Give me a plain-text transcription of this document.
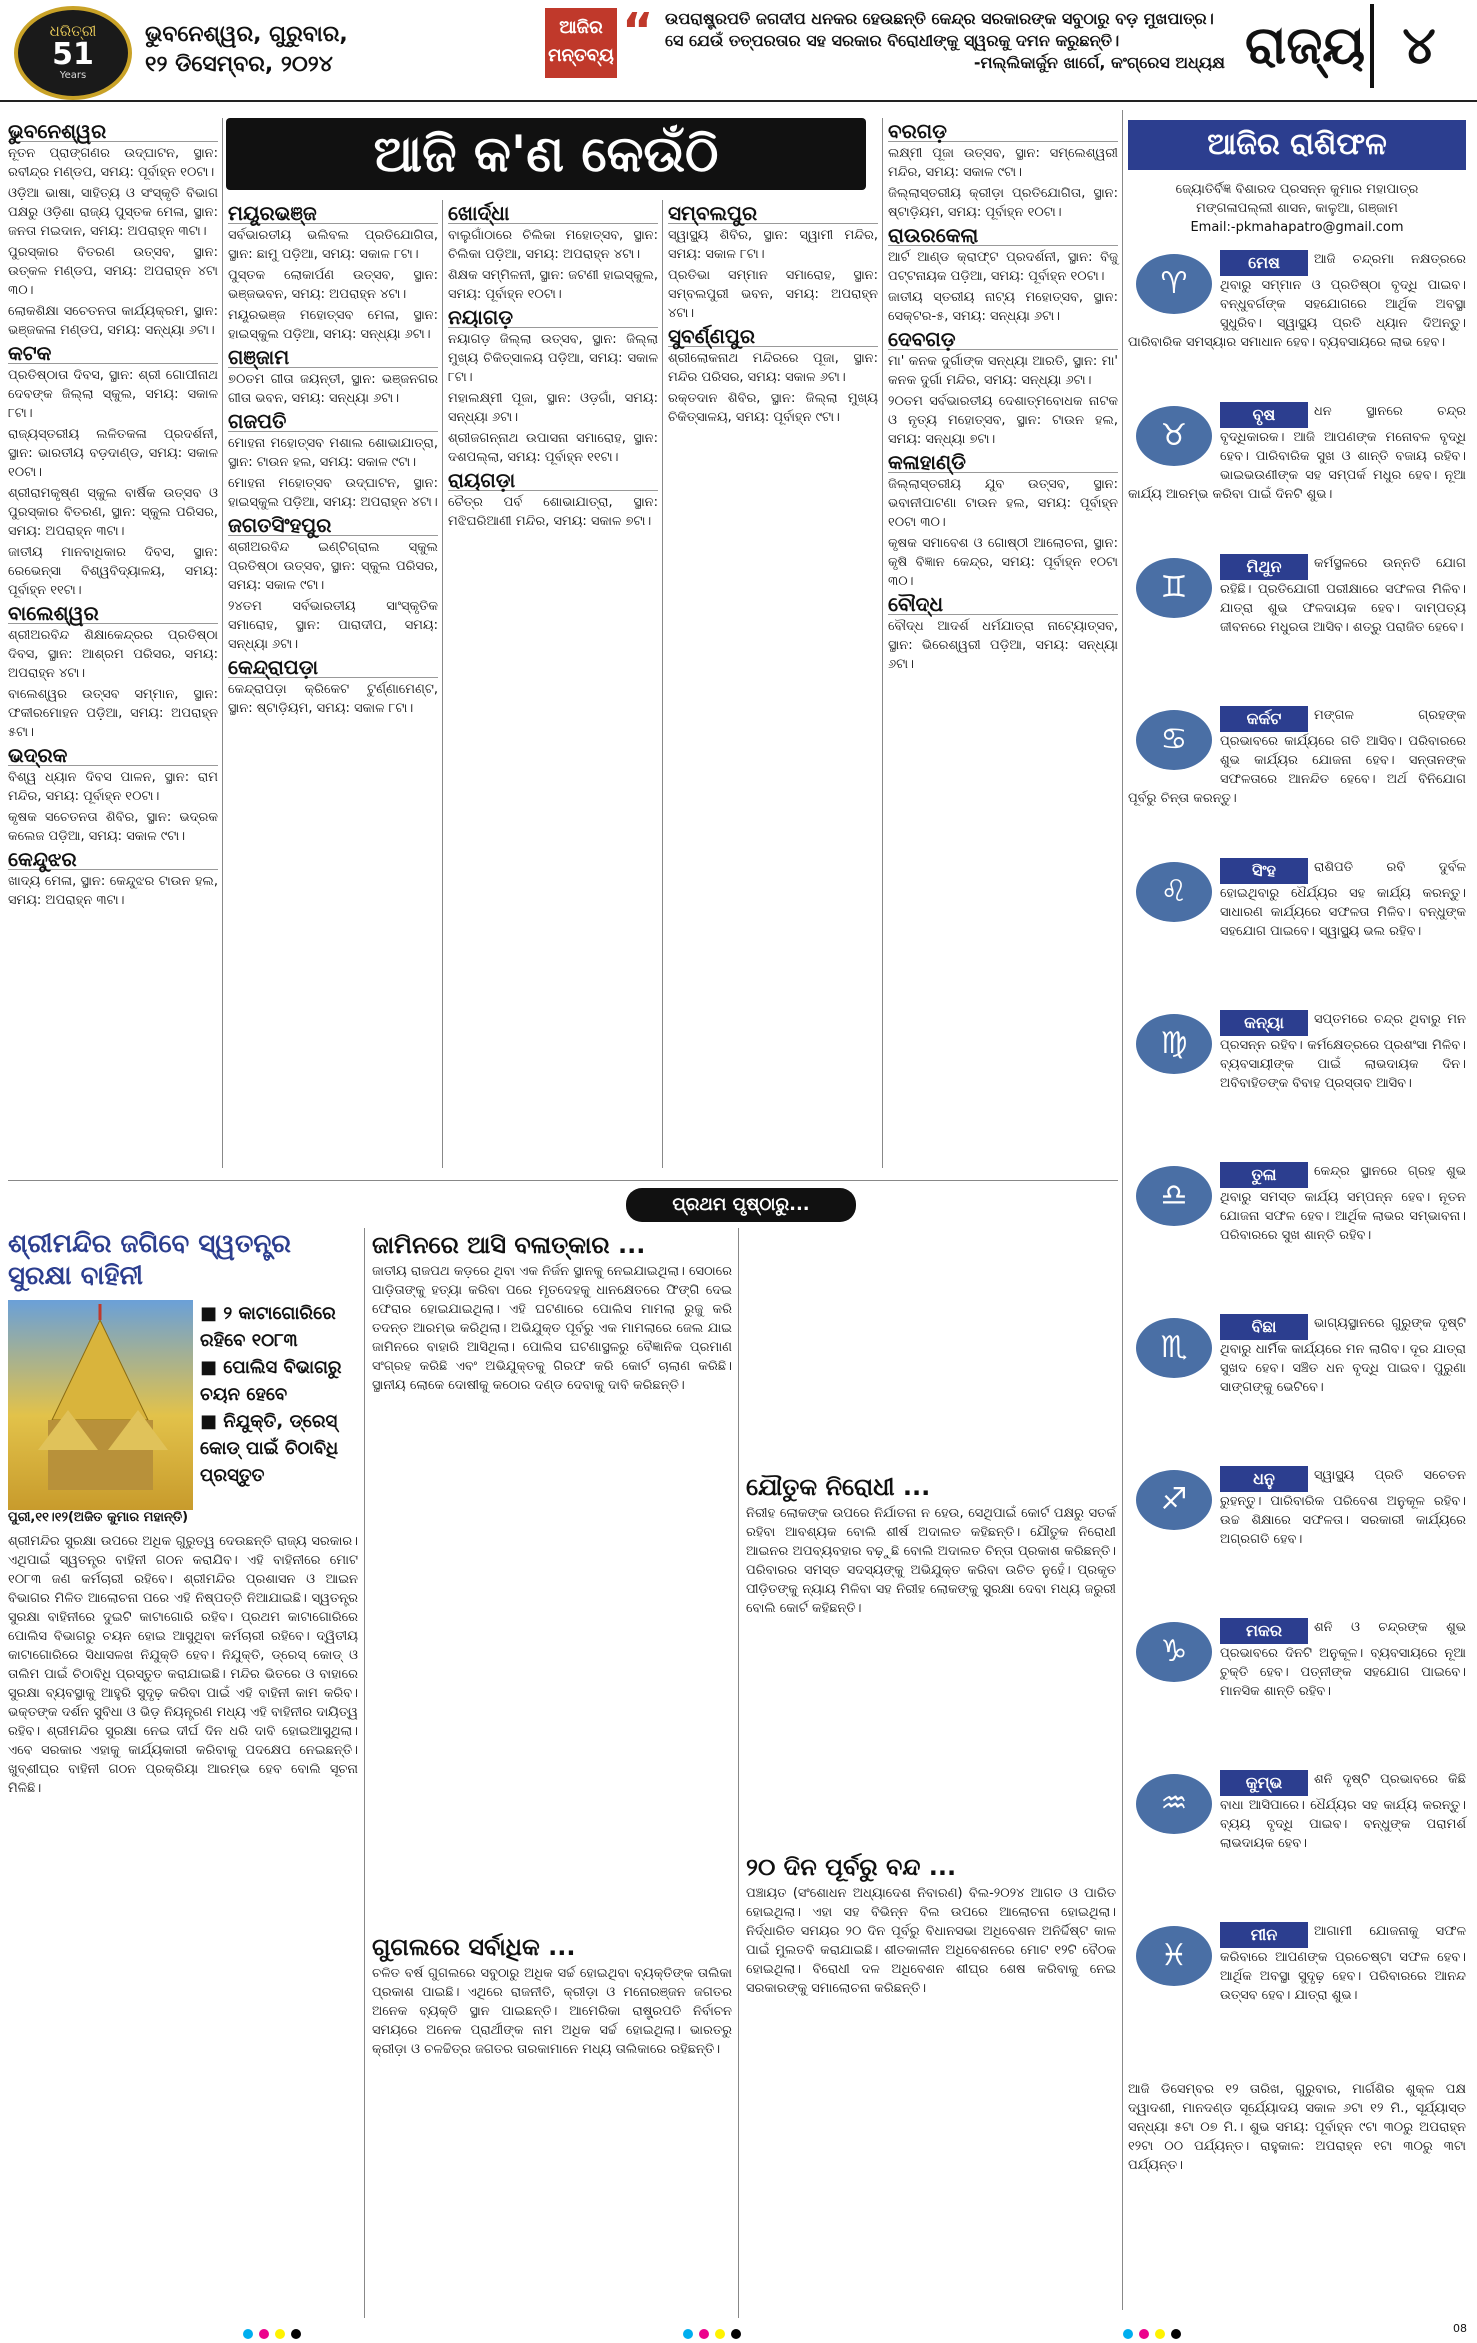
ଧରିତ୍ରୀ
51
Years
ଭୁବନେଶ୍ୱର, ଗୁରୁବାର,
୧୨ ଡିସେମ୍ବର, ୨୦୨୪
ଆଜିର ମନ୍ତବ୍ୟ “ ଉପରାଷ୍ଟ୍ରପତି ଜଗଦୀପ ଧନକର ହେଉଛନ୍ତି କେନ୍ଦ୍ର ସରକାରଙ୍କ ସବୁଠାରୁ ବଡ଼ ମୁଖପାତ୍ର। ସେ ଯେଉଁ ତତ୍ପରତାର ସହ ସରକାର ବିରୋଧୀଙ୍କୁ ସ୍ୱରକୁ ଦମନ କରୁଛନ୍ତି।
-ମଲ୍ଲିକାର୍ଜୁନ ଖାର୍ଗେ, କଂଗ୍ରେସ ଅଧ୍ୟକ୍ଷ ରାଜ୍ୟ ୪
ଆଜି କ'ଣ କେଉଁଠି
ଭୁବନେଶ୍ୱର
ନୂତନ ପ୍ରାଙ୍ଗଣର ଉଦ୍‌ଘାଟନ, ସ୍ଥାନ: ରବୀନ୍ଦ୍ର ମଣ୍ଡପ, ସମୟ: ପୂର୍ବାହ୍ନ ୧୦ଟା।
ଓଡ଼ିଆ ଭାଷା, ସାହିତ୍ୟ ଓ ସଂସ୍କୃତି ବିଭାଗ ପକ୍ଷରୁ ଓଡ଼ିଶା ରାଜ୍ୟ ପୁସ୍ତକ ମେଳା, ସ୍ଥାନ: ଜନତା ମଇଦାନ, ସମୟ: ଅପରାହ୍ନ ୩ଟା।
ପୁରସ୍କାର ବିତରଣ ଉତ୍ସବ, ସ୍ଥାନ: ଉତ୍କଳ ମଣ୍ଡପ, ସମୟ: ଅପରାହ୍ନ ୪ଟା ୩୦।
ଲୋକଶିକ୍ଷା ସଚେତନତା କାର୍ଯ୍ୟକ୍ରମ, ସ୍ଥାନ: ଭଞ୍ଜକଳା ମଣ୍ଡପ, ସମୟ: ସନ୍ଧ୍ୟା ୬ଟା।
କଟକ
ପ୍ରତିଷ୍ଠାତା ଦିବସ, ସ୍ଥାନ: ଶ୍ରୀ ଗୋପୀନାଥ ଦେବଙ୍କ ଜିଲ୍ଲା ସ୍କୁଲ, ସମୟ: ସକାଳ ୮ଟା।
ରାଜ୍ୟସ୍ତରୀୟ ଲଳିତକଳା ପ୍ରଦର୍ଶନୀ, ସ୍ଥାନ: ଭାରତୀୟ ବଡ଼ଦାଣ୍ଡ, ସମୟ: ସକାଳ ୧୦ଟା।
ଶ୍ରୀରାମକୃଷ୍ଣ ସ୍କୁଲ ବାର୍ଷିକ ଉତ୍ସବ ଓ ପୁରସ୍କାର ବିତରଣ, ସ୍ଥାନ: ସ୍କୁଲ ପରିସର, ସମୟ: ଅପରାହ୍ନ ୩ଟା।
ଜାତୀୟ ମାନବାଧିକାର ଦିବସ, ସ୍ଥାନ: ରେଭେନ୍ସା ବିଶ୍ୱବିଦ୍ୟାଳୟ, ସମୟ: ପୂର୍ବାହ୍ନ ୧୧ଟା।
ବାଲେଶ୍ୱର
ଶ୍ରୀଅରବିନ୍ଦ ଶିକ୍ଷାକେନ୍ଦ୍ରର ପ୍ରତିଷ୍ଠା ଦିବସ, ସ୍ଥାନ: ଆଶ୍ରମ ପରିସର, ସମୟ: ଅପରାହ୍ନ ୪ଟା।
ବାଲେଶ୍ୱର ଉତ୍ସବ ସମ୍ମାନ, ସ୍ଥାନ: ଫକୀରମୋହନ ପଡ଼ିଆ, ସମୟ: ଅପରାହ୍ନ ୫ଟା।
ଭଦ୍ରକ
ବିଶ୍ୱ ଧ୍ୟାନ ଦିବସ ପାଳନ, ସ୍ଥାନ: ରାମ ମନ୍ଦିର, ସମୟ: ପୂର୍ବାହ୍ନ ୧୦ଟା।
କୃଷକ ସଚେତନତା ଶିବିର, ସ୍ଥାନ: ଭଦ୍ରକ କଲେଜ ପଡ଼ିଆ, ସମୟ: ସକାଳ ୯ଟା।
କେନ୍ଦୁଝର
ଖାଦ୍ୟ ମେଳା, ସ୍ଥାନ: କେନ୍ଦୁଝର ଟାଉନ ହଲ, ସମୟ: ଅପରାହ୍ନ ୩ଟା।
ମୟୂରଭଞ୍ଜ
ସର୍ବଭାରତୀୟ ଭଲିବଲ ପ୍ରତିଯୋଗିତା, ସ୍ଥାନ: ଛାମୁ ପଡ଼ିଆ, ସମୟ: ସକାଳ ୮ଟା।
ପୁସ୍ତକ ଲୋକାର୍ପଣ ଉତ୍ସବ, ସ୍ଥାନ: ଭଞ୍ଜଭବନ, ସମୟ: ଅପରାହ୍ନ ୪ଟା।
ମୟୂରଭଞ୍ଜ ମହୋତ୍ସବ ମେଳା, ସ୍ଥାନ: ହାଇସ୍କୁଲ ପଡ଼ିଆ, ସମୟ: ସନ୍ଧ୍ୟା ୬ଟା।
ଗଞ୍ଜାମ
୭୦ତମ ଗୀତା ଜୟନ୍ତୀ, ସ୍ଥାନ: ଭଞ୍ଜନଗର ଗୀତା ଭବନ, ସମୟ: ସନ୍ଧ୍ୟା ୬ଟା।
ଗଜପତି
ମୋହନା ମହୋତ୍ସବ ମଶାଲ ଶୋଭାଯାତ୍ରା, ସ୍ଥାନ: ଟାଉନ ହଲ, ସମୟ: ସକାଳ ୯ଟା।
ମୋହନା ମହୋତ୍ସବ ଉଦ୍‌ଘାଟନ, ସ୍ଥାନ: ହାଇସ୍କୁଲ ପଡ଼ିଆ, ସମୟ: ଅପରାହ୍ନ ୪ଟା।
ଜଗତସିଂହପୁର
ଶ୍ରୀଅରବିନ୍ଦ ଇଣ୍ଟିଗ୍ରାଲ ସ୍କୁଲ ପ୍ରତିଷ୍ଠା ଉତ୍ସବ, ସ୍ଥାନ: ସ୍କୁଲ ପରିସର, ସମୟ: ସକାଳ ୯ଟା।
୨୪ତମ ସର୍ବଭାରତୀୟ ସାଂସ୍କୃତିକ ସମାରୋହ, ସ୍ଥାନ: ପାରାଦୀପ, ସମୟ: ସନ୍ଧ୍ୟା ୬ଟା।
କେନ୍ଦ୍ରାପଡ଼ା
କେନ୍ଦ୍ରାପଡ଼ା କ୍ରିକେଟ ଟୁର୍ଣ୍ଣାମେଣ୍ଟ, ସ୍ଥାନ: ଷ୍ଟାଡ଼ିୟମ, ସମୟ: ସକାଳ ୮ଟା।
ଖୋର୍ଦ୍ଧା
ବାଲୁଗାଁଠାରେ ଚିଲିକା ମହୋତ୍ସବ, ସ୍ଥାନ: ଚିଲିକା ପଡ଼ିଆ, ସମୟ: ଅପରାହ୍ନ ୪ଟା।
ଶିକ୍ଷକ ସମ୍ମିଳନୀ, ସ୍ଥାନ: ଜଟଣୀ ହାଇସ୍କୁଲ, ସମୟ: ପୂର୍ବାହ୍ନ ୧୦ଟା।
ନୟାଗଡ଼
ନୟାଗଡ଼ ଜିଲ୍ଲା ଉତ୍ସବ, ସ୍ଥାନ: ଜିଲ୍ଲା ମୁଖ୍ୟ ଚିକିତ୍ସାଳୟ ପଡ଼ିଆ, ସମୟ: ସକାଳ ୮ଟା।
ମହାଲକ୍ଷ୍ମୀ ପୂଜା, ସ୍ଥାନ: ଓଡ଼ଗାଁ, ସମୟ: ସନ୍ଧ୍ୟା ୬ଟା।
ଶ୍ରୀଜଗନ୍ନାଥ ଉପାସନା ସମାରୋହ, ସ୍ଥାନ: ଦଶପଲ୍ଲା, ସମୟ: ପୂର୍ବାହ୍ନ ୧୧ଟା।
ରାୟଗଡ଼ା
ଚୈତ୍ର ପର୍ବ ଶୋଭାଯାତ୍ରା, ସ୍ଥାନ: ମଝିଘରିଆଣୀ ମନ୍ଦିର, ସମୟ: ସକାଳ ୭ଟା।
ସମ୍ବଲପୁର
ସ୍ୱାସ୍ଥ୍ୟ ଶିବିର, ସ୍ଥାନ: ସ୍ୱାମୀ ମନ୍ଦିର, ସମୟ: ସକାଳ ୮ଟା।
ପ୍ରତିଭା ସମ୍ମାନ ସମାରୋହ, ସ୍ଥାନ: ସମ୍ବଲପୁରୀ ଭବନ, ସମୟ: ଅପରାହ୍ନ ୪ଟା।
ସୁବର୍ଣ୍ଣପୁର
ଶ୍ରୀଲୋକନାଥ ମନ୍ଦିରରେ ପୂଜା, ସ୍ଥାନ: ମନ୍ଦିର ପରିସର, ସମୟ: ସକାଳ ୬ଟା।
ରକ୍ତଦାନ ଶିବିର, ସ୍ଥାନ: ଜିଲ୍ଲା ମୁଖ୍ୟ ଚିକିତ୍ସାଳୟ, ସମୟ: ପୂର୍ବାହ୍ନ ୯ଟା।
ବରଗଡ଼
ଲକ୍ଷ୍ମୀ ପୂଜା ଉତ୍ସବ, ସ୍ଥାନ: ସମ୍ଲେଶ୍ୱରୀ ମନ୍ଦିର, ସମୟ: ସକାଳ ୯ଟା।
ଜିଲ୍ଲାସ୍ତରୀୟ କ୍ରୀଡ଼ା ପ୍ରତିଯୋଗିତା, ସ୍ଥାନ: ଷ୍ଟାଡ଼ିୟମ, ସମୟ: ପୂର୍ବାହ୍ନ ୧୦ଟା।
ରାଉରକେଲା
ଆର୍ଟ ଆଣ୍ଡ କ୍ରାଫ୍ଟ ପ୍ରଦର୍ଶନୀ, ସ୍ଥାନ: ବିଜୁ ପଟ୍ଟନାୟକ ପଡ଼ିଆ, ସମୟ: ପୂର୍ବାହ୍ନ ୧୦ଟା।
ଜାତୀୟ ସ୍ତରୀୟ ନାଟ୍ୟ ମହୋତ୍ସବ, ସ୍ଥାନ: ସେକ୍ଟର-୫, ସମୟ: ସନ୍ଧ୍ୟା ୬ଟା।
ଦେବଗଡ଼
ମା' କନକ ଦୁର୍ଗାଙ୍କ ସନ୍ଧ୍ୟା ଆରତି, ସ୍ଥାନ: ମା' କନକ ଦୁର୍ଗା ମନ୍ଦିର, ସମୟ: ସନ୍ଧ୍ୟା ୬ଟା।
୨୦ତମ ସର୍ବଭାରତୀୟ ଦେଶାତ୍ମବୋଧକ ନାଟକ ଓ ନୃତ୍ୟ ମହୋତ୍ସବ, ସ୍ଥାନ: ଟାଉନ ହଲ, ସମୟ: ସନ୍ଧ୍ୟା ୭ଟା।
କଳାହାଣ୍ଡି
ଜିଲ୍ଲାସ୍ତରୀୟ ଯୁବ ଉତ୍ସବ, ସ୍ଥାନ: ଭବାନୀପାଟଣା ଟାଉନ ହଲ, ସମୟ: ପୂର୍ବାହ୍ନ ୧୦ଟା ୩୦।
କୃଷକ ସମାବେଶ ଓ ଗୋଷ୍ଠୀ ଆଲୋଚନା, ସ୍ଥାନ: କୃଷି ବିଜ୍ଞାନ କେନ୍ଦ୍ର, ସମୟ: ପୂର୍ବାହ୍ନ ୧୦ଟା ୩୦।
ବୌଦ୍ଧ
ବୌଦ୍ଧ ଆଦର୍ଶ ଧର୍ମଯାତ୍ରା ନାଟ୍ୟୋତ୍ସବ, ସ୍ଥାନ: ଭିରେଶ୍ୱରୀ ପଡ଼ିଆ, ସମୟ: ସନ୍ଧ୍ୟା ୬ଟା।
ଆଜିର ରାଶିଫଳ
ଜ୍ୟୋତିର୍ବିଜ୍ଞ ବିଶାରଦ ପ୍ରସନ୍ନ କୁମାର ମହାପାତ୍ର
ମଙ୍ଗଳାପଲ୍ଲୀ ଶାସନ, କାଳୁଆ, ଗଞ୍ଜାମ
Email:-pkmahapatro@gmail.com
♈
ମେଷ	ଆଜି ଚନ୍ଦ୍ରମା ନକ୍ଷତ୍ରରେ ଥିବାରୁ ସମ୍ମାନ ଓ ପ୍ରତିଷ୍ଠା ବୃଦ୍ଧି ପାଇବ। ବନ୍ଧୁବର୍ଗଙ୍କ ସହଯୋଗରେ ଆର୍ଥିକ ଅବସ୍ଥା ସୁଧୁରିବ। ସ୍ୱାସ୍ଥ୍ୟ ପ୍ରତି ଧ୍ୟାନ ଦିଅନ୍ତୁ। ପାରିବାରିକ ସମସ୍ୟାର ସମାଧାନ ହେବ। ବ୍ୟବସାୟରେ ଲାଭ ହେବ।
♉
ବୃଷ	ଧନ ସ୍ଥାନରେ ଚନ୍ଦ୍ର ବୃଦ୍ଧିକାରକ। ଆଜି ଆପଣଙ୍କ ମନୋବଳ ବୃଦ୍ଧି ହେବ। ପାରିବାରିକ ସୁଖ ଓ ଶାନ୍ତି ବଜାୟ ରହିବ। ଭାଇଭଉଣୀଙ୍କ ସହ ସମ୍ପର୍କ ମଧୁର ହେବ। ନୂଆ କାର୍ଯ୍ୟ ଆରମ୍ଭ କରିବା ପାଇଁ ଦିନଟି ଶୁଭ।
♊
ମିଥୁନ	କର୍ମସ୍ଥଳରେ ଉନ୍ନତି ଯୋଗ ରହିଛି। ପ୍ରତିଯୋଗୀ ପରୀକ୍ଷାରେ ସଫଳତା ମିଳିବ। ଯାତ୍ରା ଶୁଭ ଫଳଦାୟକ ହେବ। ଦାମ୍ପତ୍ୟ ଜୀବନରେ ମଧୁରତା ଆସିବ। ଶତ୍ରୁ ପରାଜିତ ହେବେ।
♋
କର୍କଟ	ମଙ୍ଗଳ ଗ୍ରହଙ୍କ ପ୍ରଭାବରେ କାର୍ଯ୍ୟରେ ଗତି ଆସିବ। ପରିବାରରେ ଶୁଭ କାର୍ଯ୍ୟର ଯୋଜନା ହେବ। ସନ୍ତାନଙ୍କ ସଫଳତାରେ ଆନନ୍ଦିତ ହେବେ। ଅର୍ଥ ବିନିଯୋଗ ପୂର୍ବରୁ ଚିନ୍ତା କରନ୍ତୁ।
♌
ସିଂହ	ରାଶିପତି ରବି ଦୁର୍ବଳ ହୋଇଥିବାରୁ ଧୈର୍ଯ୍ୟର ସହ କାର୍ଯ୍ୟ କରନ୍ତୁ। ସାଧାରଣ କାର୍ଯ୍ୟରେ ସଫଳତା ମିଳିବ। ବନ୍ଧୁଙ୍କ ସହଯୋଗ ପାଇବେ। ସ୍ୱାସ୍ଥ୍ୟ ଭଲ ରହିବ।
♍
କନ୍ୟା ସପ୍ତମରେ ଚନ୍ଦ୍ର ଥିବାରୁ ମନ ପ୍ରସନ୍ନ ରହିବ। କର୍ମକ୍ଷେତ୍ରରେ ପ୍ରଶଂସା ମିଳିବ। ବ୍ୟବସାୟୀଙ୍କ ପାଇଁ ଲାଭଦାୟକ ଦିନ। ଅବିବାହିତଙ୍କ ବିବାହ ପ୍ରସ୍ତାବ ଆସିବ।
♎
ତୁଳା	କେନ୍ଦ୍ର ସ୍ଥାନରେ ଗ୍ରହ ଶୁଭ ଥିବାରୁ ସମସ୍ତ କାର୍ଯ୍ୟ ସମ୍ପନ୍ନ ହେବ। ନୂତନ ଯୋଜନା ସଫଳ ହେବ। ଆର୍ଥିକ ଲାଭର ସମ୍ଭାବନା। ପରିବାରରେ ସୁଖ ଶାନ୍ତି ରହିବ।
♏
ବିଛା	ଭାଗ୍ୟସ୍ଥାନରେ ଗୁରୁଙ୍କ ଦୃଷ୍ଟି ଥିବାରୁ ଧାର୍ମିକ କାର୍ଯ୍ୟରେ ମନ ଲାଗିବ। ଦୂର ଯାତ୍ରା ସୁଖଦ ହେବ। ସଞ୍ଚିତ ଧନ ବୃଦ୍ଧି ପାଇବ। ପୁରୁଣା ସାଙ୍ଗଙ୍କୁ ଭେଟିବେ।
♐
ଧନୁ	ସ୍ୱାସ୍ଥ୍ୟ ପ୍ରତି ସଚେତନ ରୁହନ୍ତୁ। ପାରିବାରିକ ପରିବେଶ ଅନୁକୂଳ ରହିବ। ଉଚ୍ଚ ଶିକ୍ଷାରେ ସଫଳତା। ସରକାରୀ କାର୍ଯ୍ୟରେ ଅଗ୍ରଗତି ହେବ।
♑
ମକର ଶନି ଓ ଚନ୍ଦ୍ରଙ୍କ ଶୁଭ ପ୍ରଭାବରେ ଦିନଟି ଅନୁକୂଳ। ବ୍ୟବସାୟରେ ନୂଆ ଚୁକ୍ତି ହେବ। ପତ୍ନୀଙ୍କ ସହଯୋଗ ପାଇବେ। ମାନସିକ ଶାନ୍ତି ରହିବ।
♒
କୁମ୍ଭ ଶନି ଦୃଷ୍ଟି ପ୍ରଭାବରେ କିଛି ବାଧା ଆସିପାରେ। ଧୈର୍ଯ୍ୟର ସହ କାର୍ଯ୍ୟ କରନ୍ତୁ। ବ୍ୟୟ ବୃଦ୍ଧି ପାଇବ। ବନ୍ଧୁଙ୍କ ପରାମର୍ଶ ଲାଭଦାୟକ ହେବ।
♓
ମୀନ	ଆଗାମୀ ଯୋଜନାକୁ ସଫଳ କରିବାରେ ଆପଣଙ୍କ ପ୍ରଚେଷ୍ଟା ସଫଳ ହେବ। ଆର୍ଥିକ ଅବସ୍ଥା ସୁଦୃଢ଼ ହେବ। ପରିବାରରେ ଆନନ୍ଦ ଉତ୍ସବ ହେବ। ଯାତ୍ରା ଶୁଭ।
ପ୍ରଥମ ପୃଷ୍ଠାରୁ...
ଶ୍ରୀମନ୍ଦିର ଜଗିବେ ସ୍ୱତନ୍ତ୍ର ସୁରକ୍ଷା ବାହିନୀ
■ ୨ କାଟାଗୋରିରେ ରହିବେ ୧୦୮୩
■ ପୋଲିସ ବିଭାଗରୁ ଚୟନ ହେବେ
■ ନିଯୁକ୍ତି, ଡ୍ରେସ୍‌ କୋଡ୍‌ ପାଇଁ ଚିଠାବିଧି ପ୍ରସ୍ତୁତ
ପୁରୀ,୧୧।୧୨(ଅଜିତ କୁମାର ମହାନ୍ତି)
ଶ୍ରୀମନ୍ଦିର ସୁରକ୍ଷା ଉପରେ ଅଧିକ ଗୁରୁତ୍ୱ ଦେଉଛନ୍ତି ରାଜ୍ୟ ସରକାର। ଏଥିପାଇଁ ସ୍ୱତନ୍ତ୍ର ବାହିନୀ ଗଠନ କରାଯିବ। ଏହି ବାହିନୀରେ ମୋଟ ୧୦୮୩ ଜଣ କର୍ମଚାରୀ ରହିବେ। ଶ୍ରୀମନ୍ଦିର ପ୍ରଶାସନ ଓ ଆଇନ ବିଭାଗର ମିଳିତ ଆଲୋଚନା ପରେ ଏହି ନିଷ୍ପତ୍ତି ନିଆଯାଇଛି। ସ୍ୱତନ୍ତ୍ର ସୁରକ୍ଷା ବାହିନୀରେ ଦୁଇଟି କାଟାଗୋରି ରହିବ। ପ୍ରଥମ କାଟାଗୋରିରେ ପୋଲିସ ବିଭାଗରୁ ଚୟନ ହୋଇ ଆସୁଥିବା କର୍ମଚାରୀ ରହିବେ। ଦ୍ୱିତୀୟ କାଟାଗୋରିରେ ସିଧାସଳଖ ନିଯୁକ୍ତି ହେବ। ନିଯୁକ୍ତି, ଡ୍ରେସ୍‌ କୋଡ୍‌ ଓ ତାଲିମ ପାଇଁ ଚିଠାବିଧି ପ୍ରସ୍ତୁତ କରାଯାଇଛି। ମନ୍ଦିର ଭିତରେ ଓ ବାହାରେ ସୁରକ୍ଷା ବ୍ୟବସ୍ଥାକୁ ଆହୁରି ସୁଦୃଢ଼ କରିବା ପାଇଁ ଏହି ବାହିନୀ କାମ କରିବ। ଭକ୍ତଙ୍କ ଦର୍ଶନ ସୁବିଧା ଓ ଭିଡ଼ ନିୟନ୍ତ୍ରଣ ମଧ୍ୟ ଏହି ବାହିନୀର ଦାୟିତ୍ୱ ରହିବ। ଶ୍ରୀମନ୍ଦିର ସୁରକ୍ଷା ନେଇ ଦୀର୍ଘ ଦିନ ଧରି ଦାବି ହୋଇଆସୁଥିଲା। ଏବେ ସରକାର ଏହାକୁ କାର୍ଯ୍ୟକାରୀ କରିବାକୁ ପଦକ୍ଷେପ ନେଇଛନ୍ତି। ଖୁବ୍‌ଶୀଘ୍ର ବାହିନୀ ଗଠନ ପ୍ରକ୍ରିୟା ଆରମ୍ଭ ହେବ ବୋଲି ସୂଚନା ମିଳିଛି।
ଜାମିନରେ ଆସି ବଳାତ୍କାର ...
ଜାତୀୟ ରାଜପଥ କଡ଼ରେ ଥିବା ଏକ ନିର୍ଜନ ସ୍ଥାନକୁ ନେଇଯାଇଥିଲା। ସେଠାରେ ପାଡ଼ିତାଙ୍କୁ ହତ୍ୟା କରିବା ପରେ ମୃତଦେହକୁ ଧାନକ୍ଷେତରେ ଫିଙ୍ଗି ଦେଇ ଫେରାର ହୋଇଯାଇଥିଲା। ଏହି ଘଟଣାରେ ପୋଲିସ ମାମଲା ରୁଜୁ କରି ତଦନ୍ତ ଆରମ୍ଭ କରିଥିଲା। ଅଭିଯୁକ୍ତ ପୂର୍ବରୁ ଏକ ମାମଲାରେ ଜେଲ ଯାଇ ଜାମିନରେ ବାହାରି ଆସିଥିଲା। ପୋଲିସ ଘଟଣାସ୍ଥଳରୁ ବୈଜ୍ଞାନିକ ପ୍ରମାଣ ସଂଗ୍ରହ କରିଛି ଏବଂ ଅଭିଯୁକ୍ତକୁ ଗିରଫ କରି କୋର୍ଟ ଚାଲାଣ କରିଛି। ସ୍ଥାନୀୟ ଲୋକେ ଦୋଷୀକୁ କଠୋର ଦଣ୍ଡ ଦେବାକୁ ଦାବି କରିଛନ୍ତି।
ଗୁଗଲରେ ସର୍ବାଧିକ ...
ଚଳିତ ବର୍ଷ ଗୁଗଲରେ ସବୁଠାରୁ ଅଧିକ ସର୍ଚ୍ଚ ହୋଇଥିବା ବ୍ୟକ୍ତିଙ୍କ ତାଲିକା ପ୍ରକାଶ ପାଇଛି। ଏଥିରେ ରାଜନୀତି, କ୍ରୀଡ଼ା ଓ ମନୋରଞ୍ଜନ ଜଗତର ଅନେକ ବ୍ୟକ୍ତି ସ୍ଥାନ ପାଇଛନ୍ତି। ଆମେରିକା ରାଷ୍ଟ୍ରପତି ନିର୍ବାଚନ ସମୟରେ ଅନେକ ପ୍ରାର୍ଥୀଙ୍କ ନାମ ଅଧିକ ସର୍ଚ୍ଚ ହୋଇଥିଲା। ଭାରତରୁ କ୍ରୀଡ଼ା ଓ ଚଳଚ୍ଚିତ୍ର ଜଗତର ତାରକାମାନେ ମଧ୍ୟ ତାଲିକାରେ ରହିଛନ୍ତି।
ଯୌତୁକ ନିରୋଧୀ ...
ନିରୀହ ଲୋକଙ୍କ ଉପରେ ନିର୍ଯାତନା ନ ହେଉ, ସେଥିପାଇଁ କୋର୍ଟ ପକ୍ଷରୁ ସତର୍କ ରହିବା ଆବଶ୍ୟକ ବୋଲି ଶୀର୍ଷ ଅଦାଲତ କହିଛନ୍ତି। ଯୌତୁକ ନିରୋଧୀ ଆଇନର ଅପବ୍ୟବହାର ବଢ଼ୁଛି ବୋଲି ଅଦାଲତ ଚିନ୍ତା ପ୍ରକାଶ କରିଛନ୍ତି। ପରିବାରର ସମସ୍ତ ସଦସ୍ୟଙ୍କୁ ଅଭିଯୁକ୍ତ କରିବା ଉଚିତ ନୁହେଁ। ପ୍ରକୃତ ପୀଡ଼ିତଙ୍କୁ ନ୍ୟାୟ ମିଳିବା ସହ ନିରୀହ ଲୋକଙ୍କୁ ସୁରକ୍ଷା ଦେବା ମଧ୍ୟ ଜରୁରୀ ବୋଲି କୋର୍ଟ କହିଛନ୍ତି।
୨୦ ଦିନ ପୂର୍ବରୁ ବନ୍ଦ ...
ପଞ୍ଚାୟତ (ସଂଶୋଧନ ଅଧ୍ୟାଦେଶ ନିବାରଣ) ବିଲ-୨୦୨୪ ଆଗତ ଓ ପାରିତ ହୋଇଥିଲା। ଏହା ସହ ବିଭିନ୍ନ ବିଲ ଉପରେ ଆଲୋଚନା ହୋଇଥିଲା। ନିର୍ଦ୍ଧାରିତ ସମୟର ୨୦ ଦିନ ପୂର୍ବରୁ ବିଧାନସଭା ଅଧିବେଶନ ଅନିର୍ଦ୍ଦିଷ୍ଟ କାଳ ପାଇଁ ମୁଲତବି କରାଯାଇଛି। ଶୀତକାଳୀନ ଅଧିବେଶନରେ ମୋଟ ୧୨ଟି ବୈଠକ ହୋଇଥିଲା। ବିରୋଧୀ ଦଳ ଅଧିବେଶନ ଶୀଘ୍ର ଶେଷ କରିବାକୁ ନେଇ ସରକାରଙ୍କୁ ସମାଲୋଚନା କରିଛନ୍ତି।
ଆଜି ଡିସେମ୍ବର ୧୨ ତାରିଖ, ଗୁରୁବାର, ମାର୍ଗଶିର ଶୁକ୍ଳ ପକ୍ଷ ଦ୍ୱାଦଶୀ, ମାନଦଣ୍ଡ ସୂର୍ଯ୍ୟୋଦୟ ସକାଳ ୬ଟା ୧୨ ମି., ସୂର୍ଯ୍ୟାସ୍ତ ସନ୍ଧ୍ୟା ୫ଟା ୦୭ ମି.। ଶୁଭ ସମୟ: ପୂର୍ବାହ୍ନ ୯ଟା ୩୦ରୁ ଅପରାହ୍ନ ୧୨ଟା ୦୦ ପର୍ଯ୍ୟନ୍ତ। ରାହୁକାଳ: ଅପରାହ୍ନ ୧ଟା ୩୦ରୁ ୩ଟା ପର୍ଯ୍ୟନ୍ତ।
08
